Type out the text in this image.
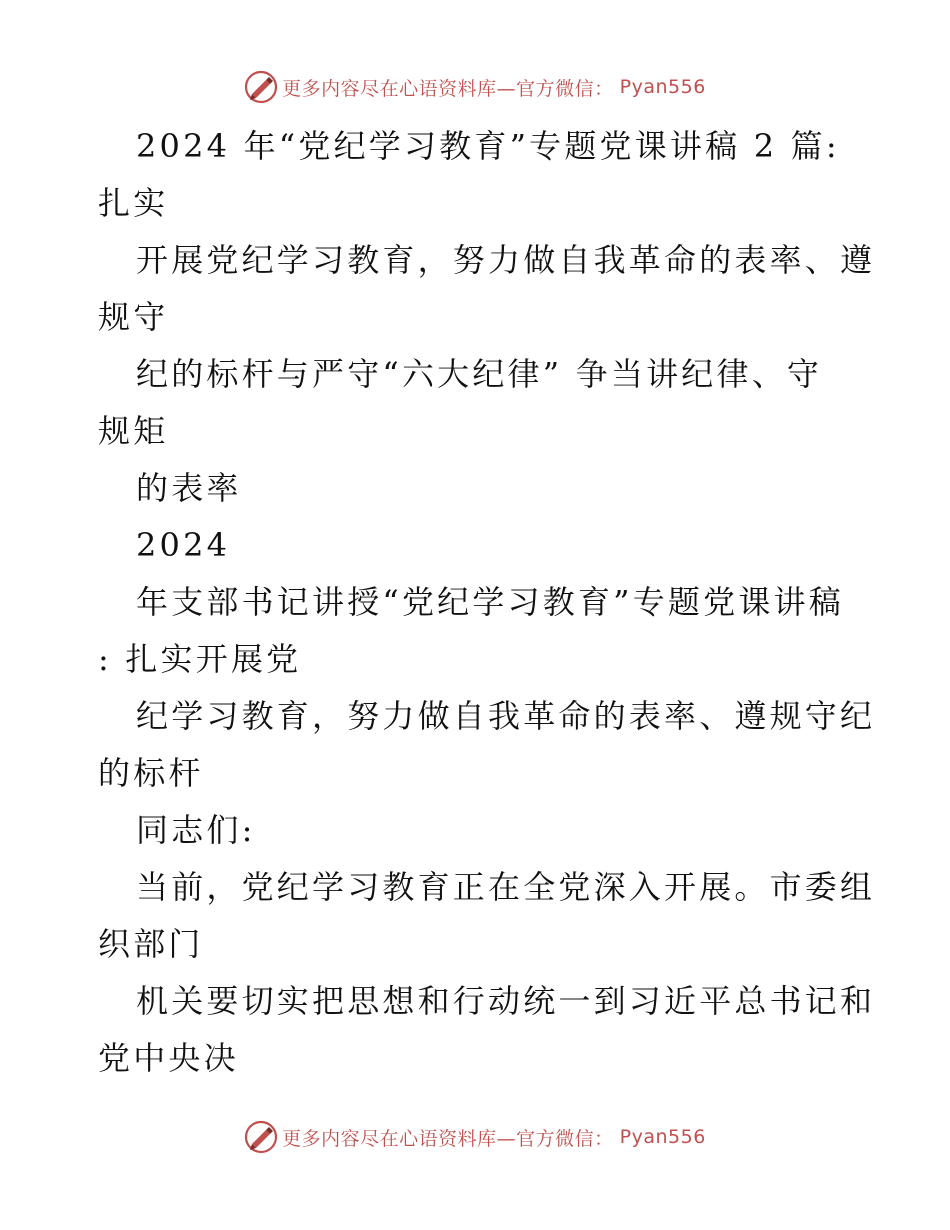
更多内容尽在心语资料库—官方微信： Pyan556
2024 年“党纪学习教育”专题党课讲稿 2 篇:
扎实
开展党纪学习教育，努力做自我革命的表率、遵
规守
纪的标杆与严守“六大纪律” 争当讲纪律、守
规矩
的表率
2024
年支部书记讲授“党纪学习教育”专题党课讲稿
: 扎实开展党
纪学习教育，努力做自我革命的表率、遵规守纪
的标杆
同志们:
当前，党纪学习教育正在全党深入开展。市委组
织部门
机关要切实把思想和行动统一到习近平总书记和
党中央决
更多内容尽在心语资料库—官方微信： Pyan556
